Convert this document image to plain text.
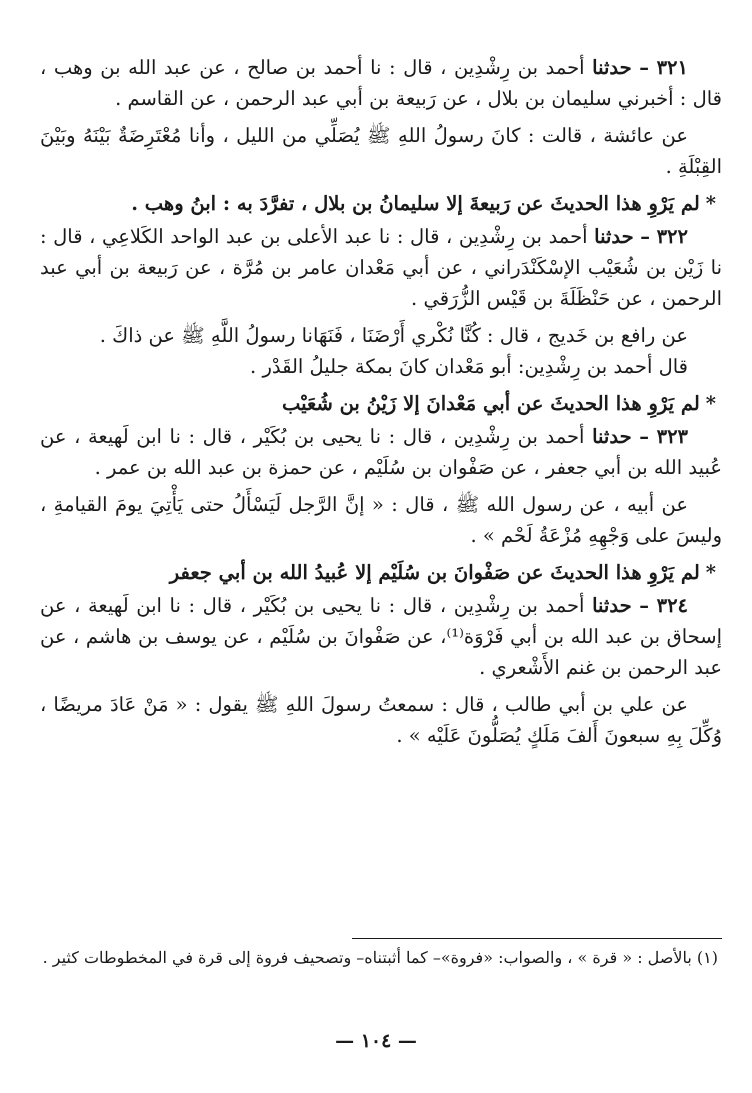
٣٢١ – حدثنا أحمد بن رِشْدِين ، قال : نا أحمد بن صالح ، عن عبد الله بن وهب ، قال : أخبرني سليمان بن بلال ، عن رَبيعة بن أبي عبد الرحمن ، عن القاسم .

عن عائشة ، قالت : كانَ رسولُ اللهِ ﷺ يُصَلِّي من الليل ، وأنا مُعْتَرِضَةٌ بَيْنَهُ وبَيْنَ القِبْلَةِ .

*لم يَرْوِ هذا الحديثَ عن رَبيعةَ إلا سليمانُ بن بلال ، تفرَّدَ به : ابنُ وهب .

٣٢٢ – حدثنا أحمد بن رِشْدِين ، قال : نا عبد الأعلى بن عبد الواحد الكَلاعِي ، قال : نا زَيْن بن شُعَيْب الإسْكَنْدَراني ، عن أبي مَعْدان عامر بن مُرَّة ، عن رَبيعة بن أبي عبد الرحمن ، عن حَنْظَلَةَ بن قَيْس الزُّرَقي .

عن رافع بن خَديج ، قال : كُنَّا نُكْري أَرْضَنَا ، فَنَهَانا رسولُ اللَّهِ ﷺ عن ذاكَ .

قال أحمد بن رِشْدِين: أبو مَعْدان كانَ بمكة جليلُ القَدْر .

*لم يَرْوِ هذا الحديثَ عن أبي مَعْدانَ إلا زَيْنُ بن شُعَيْب

٣٢٣ – حدثنا أحمد بن رِشْدِين ، قال : نا يحيى بن بُكَيْر ، قال : نا ابن لَهيعة ، عن عُبيد الله بن أبي جعفر ، عن صَفْوان بن سُلَيْم ، عن حمزة بن عبد الله بن عمر .

عن أبيه ، عن رسول الله ﷺ ، قال : « إنَّ الرَّجل لَيَسْأَلُ حتى يَأْتِيَ يومَ القيامةِ ، وليسَ على وَجْهِهِ مُزْعَةُ لَحْم » .

*لم يَرْوِ هذا الحديثَ عن صَفْوانَ بن سُلَيْم إلا عُبيدُ الله بن أبي جعفر

٣٢٤ – حدثنا أحمد بن رِشْدِين ، قال : نا يحيى بن بُكَيْر ، قال : نا ابن لَهيعة ، عن إسحاق بن عبد الله بن أبي فَرْوَة⁽¹⁾، عن صَفْوانَ بن سُلَيْم ، عن يوسف بن هاشم ، عن عبد الرحمن بن غنم الأَشْعري .

عن علي بن أبي طالب ، قال : سمعتُ رسولَ اللهِ ﷺ يقول : « مَنْ عَادَ مريضًا ، وُكِّلَ بِهِ سبعونَ أَلفَ مَلَكٍ يُصَلُّونَ عَلَيْه » .

(١) بالأصل : « قرة » ، والصواب: «فروة»– كما أثبتناه– وتصحيف فروة إلى قرة في المخطوطات كثير .

— ١٠٤ —
